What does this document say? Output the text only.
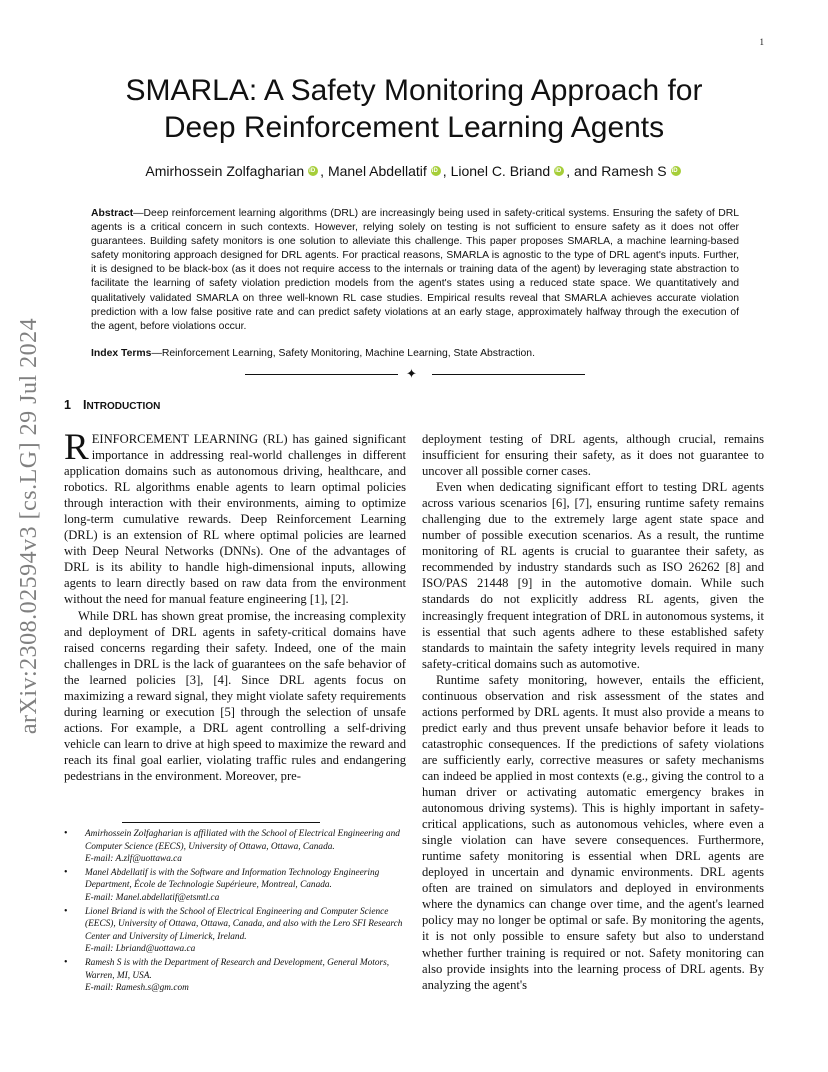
1
arXiv:2308.02594v3 [cs.LG] 29 Jul 2024
SMARLA: A Safety Monitoring Approach for
Deep Reinforcement Learning Agents
Amirhossein Zolfagharian iD , Manel Abdellatif iD , Lionel C. Briand iD , and Ramesh SiD

Abstract—Deep reinforcement learning algorithms (DRL) are increasingly being used in safety-critical systems. Ensuring the safety of DRL agents is a critical concern in such contexts. However, relying solely on testing is not sufficient to ensure safety as it does not offer guarantees. Building safety monitors is one solution to alleviate this challenge. This paper proposes SMARLA, a machine learning-based safety monitoring approach designed for DRL agents. For practical reasons, SMARLA is agnostic to the type of DRL agent's inputs. Further, it is designed to be black-box (as it does not require access to the internals or training data of the agent) by leveraging state abstraction to facilitate the learning of safety violation prediction models from the agent's states using a reduced state space. We quantitatively and qualitatively validated SMARLA on three well-known RL case studies. Empirical results reveal that SMARLA achieves accurate violation prediction with a low false positive rate and can predict safety violations at an early stage, approximately halfway through the execution of the agent, before violations occur.

Index Terms—Reinforcement Learning, Safety Monitoring, Machine Learning, State Abstraction.

✦
1 INTRODUCTION

REINFORCEMENT LEARNING (RL) has gained significant importance in addressing real-world challenges in different application domains such as autonomous driving, healthcare, and robotics. RL algorithms enable agents to learn optimal policies through interaction with their environments, aiming to optimize long-term cumulative rewards. Deep Reinforcement Learning (DRL) is an extension of RL where optimal policies are learned with Deep Neural Networks (DNNs). One of the advantages of DRL is its ability to handle high-dimensional inputs, allowing agents to learn directly based on raw data from the environment without the need for manual feature engineering [1], [2].

While DRL has shown great promise, the increasing complexity and deployment of DRL agents in safety-critical domains have raised concerns regarding their safety. Indeed, one of the main challenges in DRL is the lack of guarantees on the safe behavior of the learned policies [3], [4]. Since DRL agents focus on maximizing a reward signal, they might violate safety requirements during learning or execution [5] through the selection of unsafe actions. For example, a DRL agent controlling a self-driving vehicle can learn to drive at high speed to maximize the reward and reach its final goal earlier, violating traffic rules and endangering pedestrians in the environment. Moreover, pre-

• Amirhossein Zolfagharian is affiliated with the School of Electrical Engineering and Computer Science (EECS), University of Ottawa, Ottawa, Canada.
E-mail: A.zlf@uottawa.ca
• Manel Abdellatif is with the Software and Information Technology Engineering Department, École de Technologie Supérieure, Montreal, Canada.
E-mail: Manel.abdellatif@etsmtl.ca
• Lionel Briand is with the School of Electrical Engineering and Computer Science (EECS), University of Ottawa, Ottawa, Canada, and also with the Lero SFI Research Center and University of Limerick, Ireland.
E-mail: Lbriand@uottawa.ca
• Ramesh S is with the Department of Research and Development, General Motors, Warren, MI, USA.
E-mail: Ramesh.s@gm.com

deployment testing of DRL agents, although crucial, remains insufficient for ensuring their safety, as it does not guarantee to uncover all possible corner cases.

Even when dedicating significant effort to testing DRL agents across various scenarios [6], [7], ensuring runtime safety remains challenging due to the extremely large agent state space and number of possible execution scenarios. As a result, the runtime monitoring of RL agents is crucial to guarantee their safety, as recommended by industry standards such as ISO 26262 [8] and ISO/PAS 21448 [9] in the automotive domain. While such standards do not explicitly address RL agents, given the increasingly frequent integration of DRL in autonomous systems, it is essential that such agents adhere to these established safety standards to maintain the safety integrity levels required in many safety-critical domains such as automotive.

Runtime safety monitoring, however, entails the efficient, continuous observation and risk assessment of the states and actions performed by DRL agents. It must also provide a means to predict early and thus prevent unsafe behavior before it leads to catastrophic consequences. If the predictions of safety violations are sufficiently early, corrective measures or safety mechanisms can indeed be applied in most contexts (e.g., giving the control to a human driver or activating automatic emergency brakes in autonomous driving systems). This is highly important in safety-critical applications, such as autonomous vehicles, where even a single violation can have severe consequences. Furthermore, runtime safety monitoring is essential when DRL agents are deployed in uncertain and dynamic environments. DRL agents often are trained on simulators and deployed in environments where the dynamics can change over time, and the agent's learned policy may no longer be optimal or safe. By monitoring the agents, it is not only possible to ensure safety but also to understand whether further training is required or not. Safety monitoring can also provide insights into the learning process of DRL agents. By analyzing the agent's
